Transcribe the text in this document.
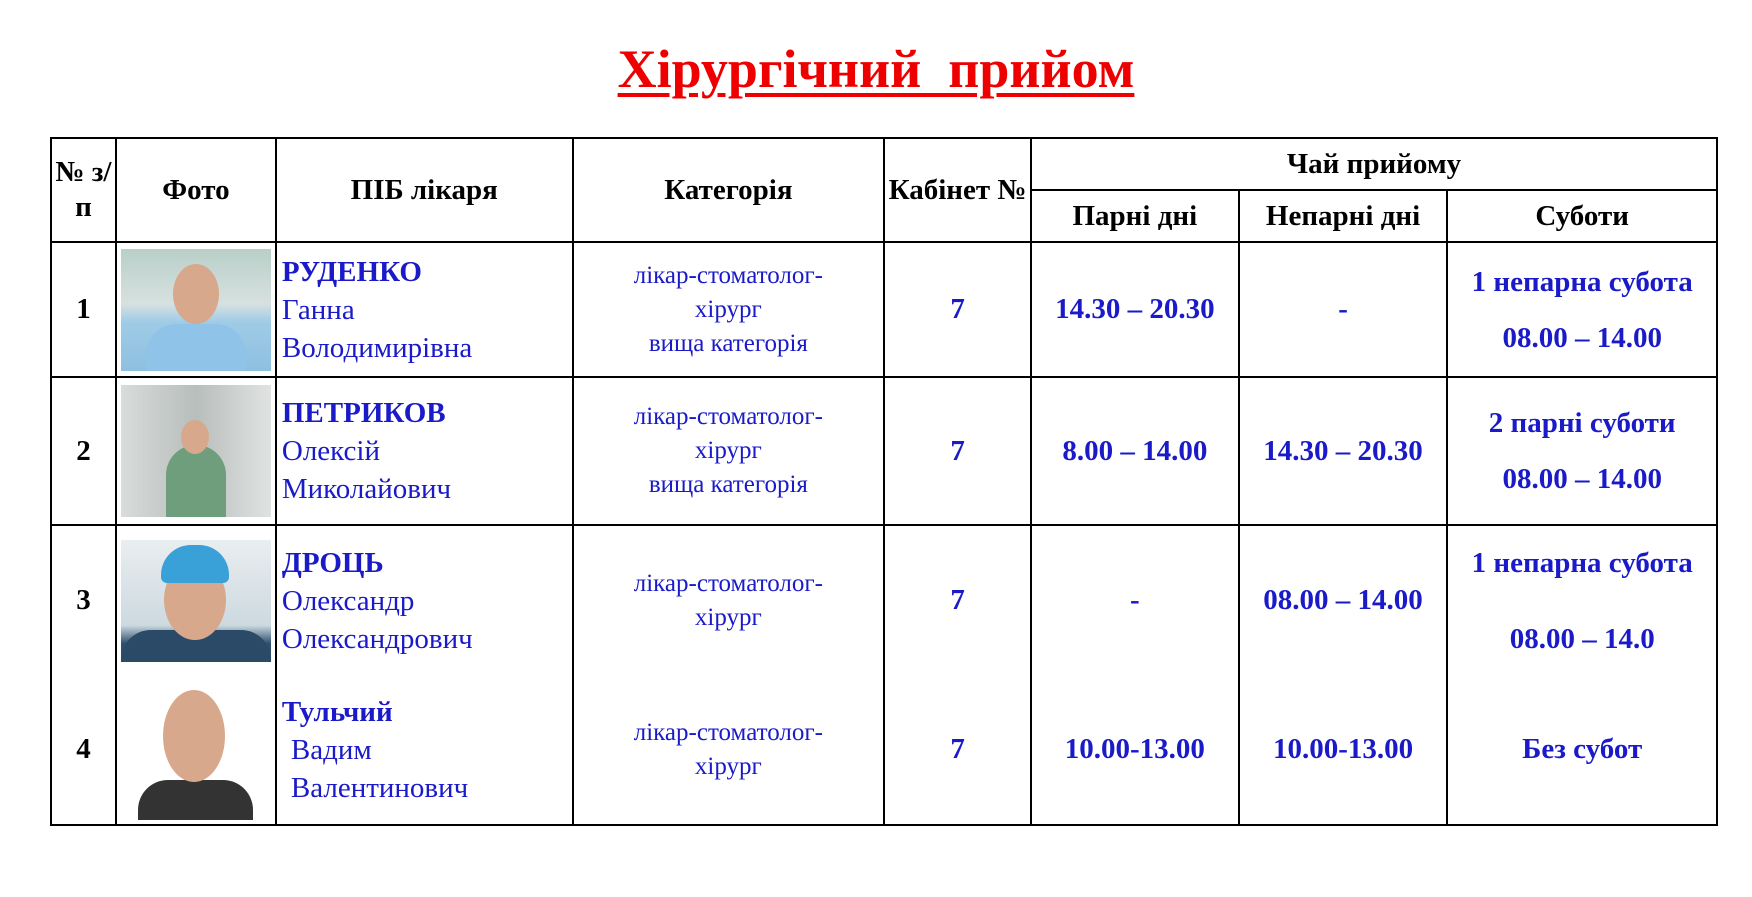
Хірургічний  прийом
№ з/п	Фото	ПІБ лікаря	Категорія	Кабінет №	Чай прийому		
					Парні дні	Непарні дні	Суботи
1		РУДЕНКО
Ганна
Володимирівна	лікар-стоматолог-
хірург
вища категорія	7	14.30 – 20.30	-	1 непарна субота
08.00 – 14.00
2		ПЕТРИКОВ
Олексій
Миколайович	лікар-стоматолог-
хірург
вища категорія	7	8.00 – 14.00	14.30 – 20.30	2 парні суботи
08.00 – 14.00
3		ДРОЦЬ
Олександр
Олександрович	лікар-стоматолог-
хірург	7	-	08.00 – 14.00	1 непарна субота

08.00 – 14.0
4		Тульчий
Вадим
Валентинович	лікар-стоматолог-
хірург	7	10.00-13.00	10.00-13.00	Без субот
